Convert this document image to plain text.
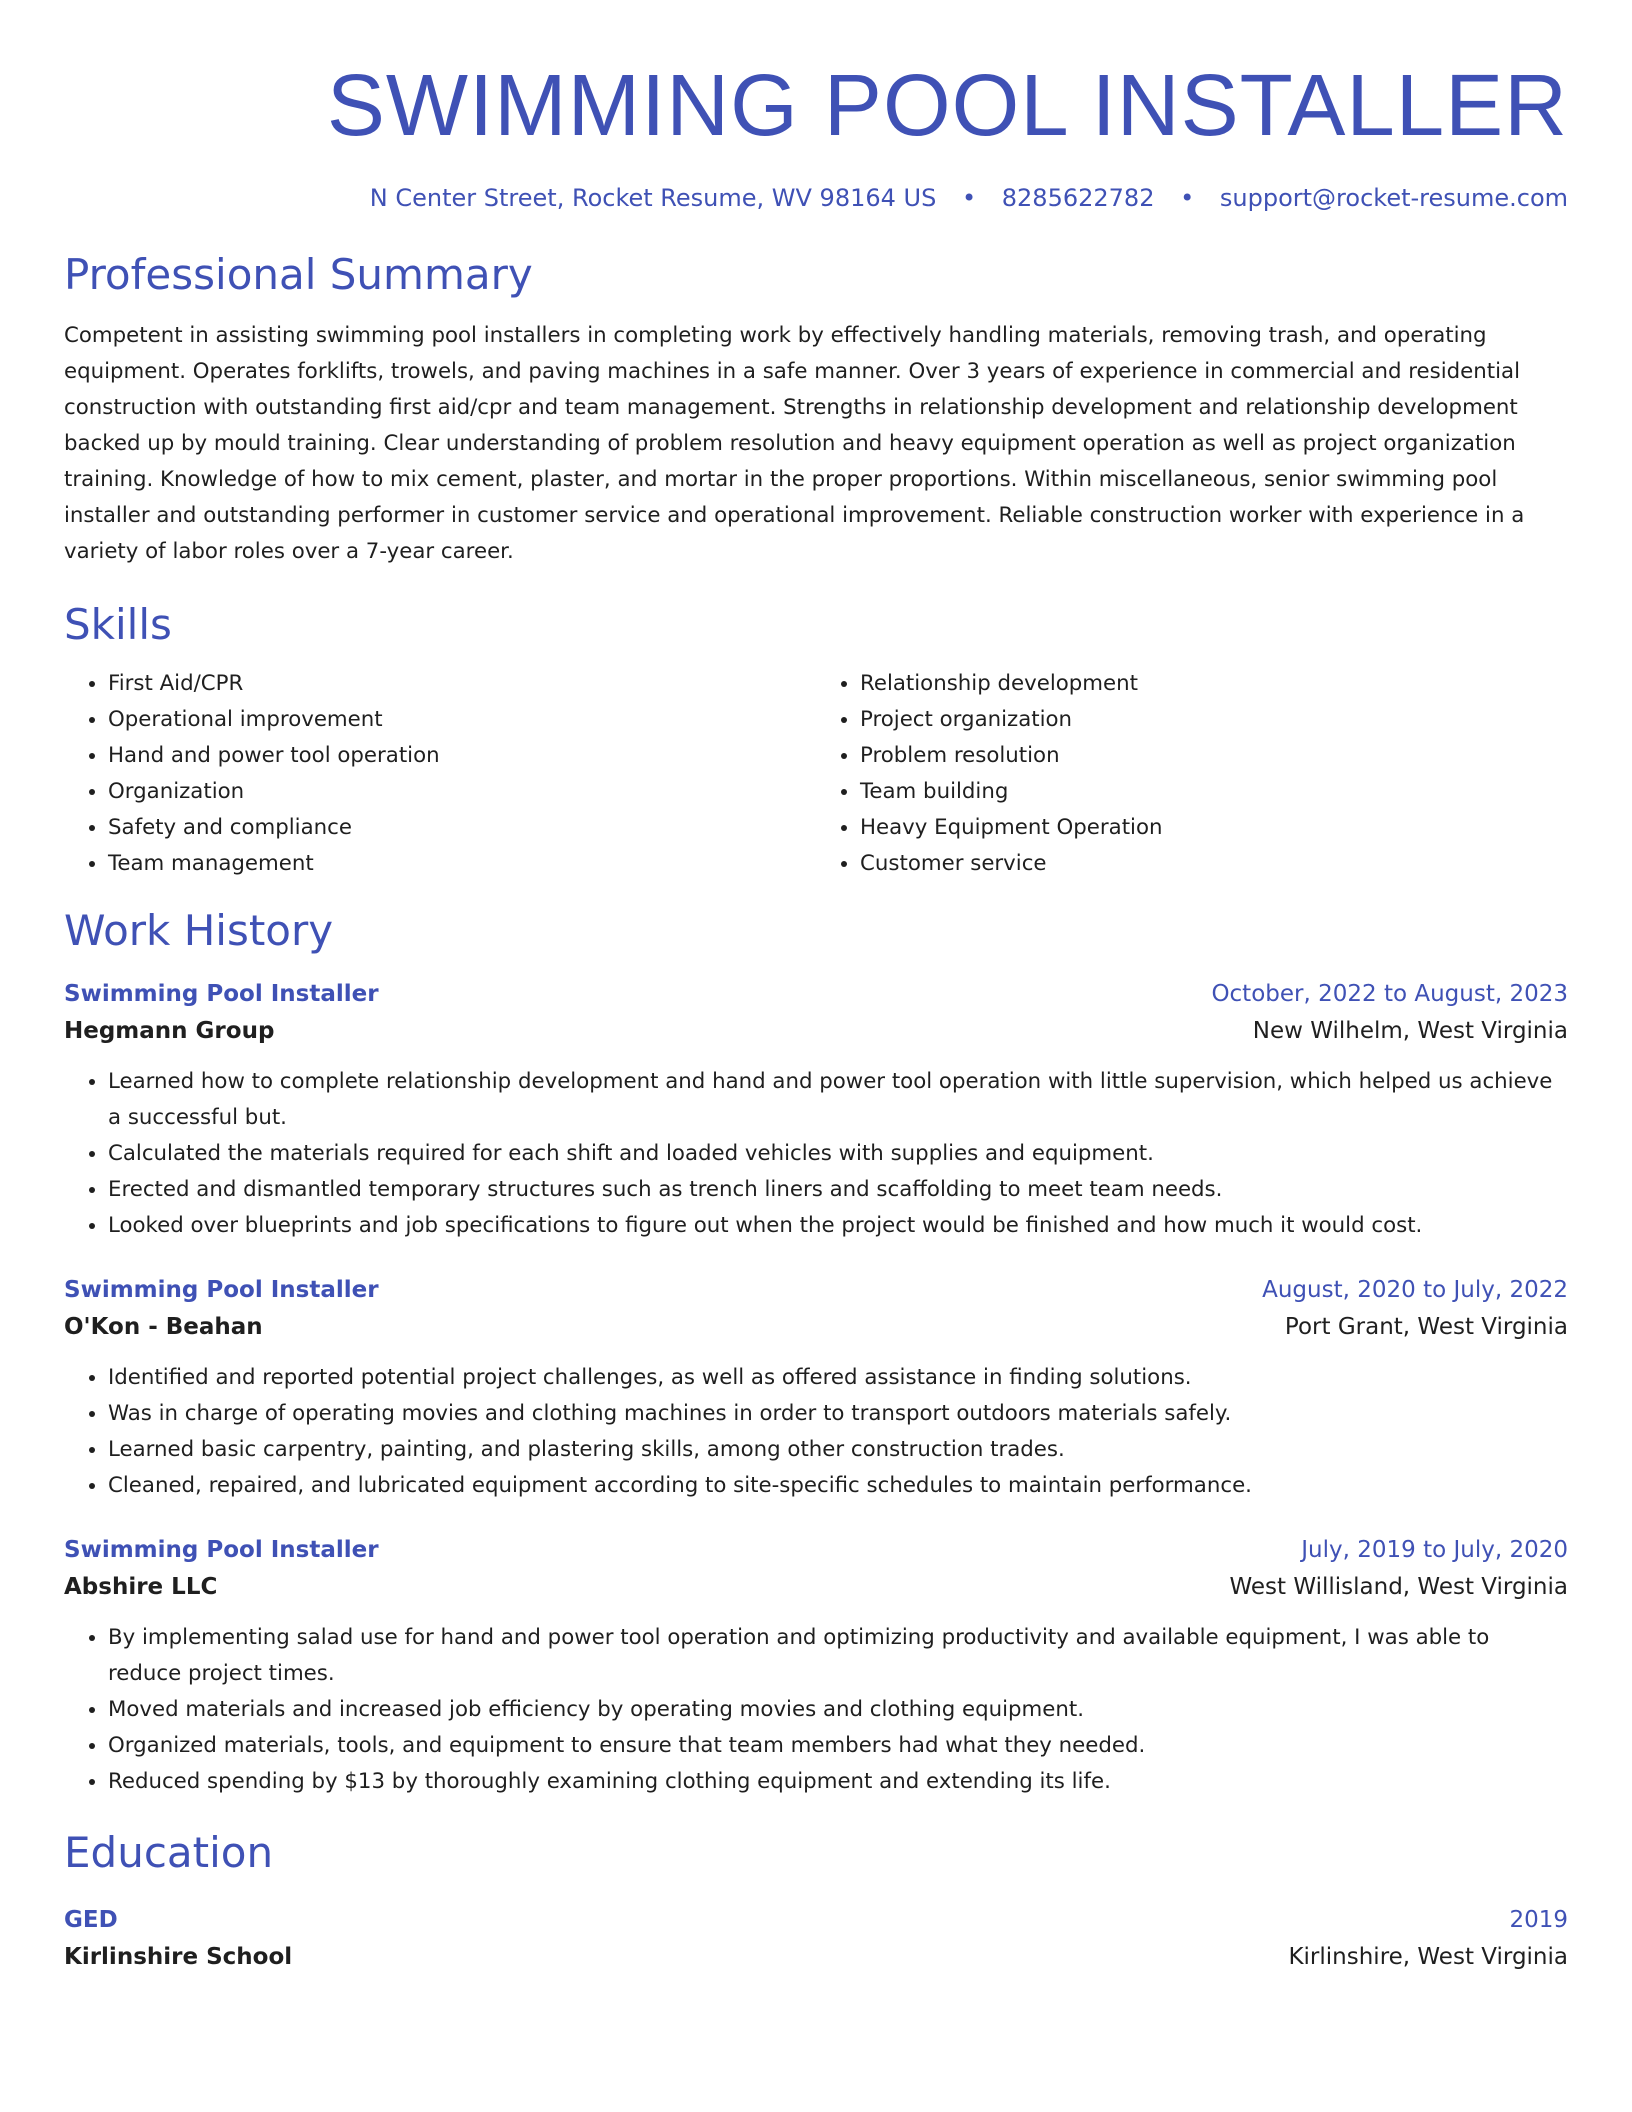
SWIMMING POOL INSTALLER
N Center Street, Rocket Resume, WV 98164 US • 8285622782 • support@rocket-resume.com
Professional Summary

Competent in assisting swimming pool installers in completing work by effectively handling materials, removing trash, and operating equipment. Operates forklifts, trowels, and paving machines in a safe manner. Over 3 years of experience in commercial and residential construction with outstanding first aid/cpr and team management. Strengths in relationship development and relationship development backed up by mould training. Clear understanding of problem resolution and heavy equipment operation as well as project organization training. Knowledge of how to mix cement, plaster, and mortar in the proper proportions. Within miscellaneous, senior swimming pool installer and outstanding performer in customer service and operational improvement. Reliable construction worker with experience in a variety of labor roles over a 7-year career.

Skills
• First Aid/CPR
• Operational improvement
• Hand and power tool operation
• Organization
• Safety and compliance
• Team management
• Relationship development
• Project organization
• Problem resolution
• Team building
• Heavy Equipment Operation
• Customer service
Work History
Swimming Pool Installer	October, 2022 to August, 2023
Hegmann Group	New Wilhelm, West Virginia
• Learned how to complete relationship development and hand and power tool operation with little supervision, which helped us achieve a successful but.
• Calculated the materials required for each shift and loaded vehicles with supplies and equipment.
• Erected and dismantled temporary structures such as trench liners and scaffolding to meet team needs.
• Looked over blueprints and job specifications to figure out when the project would be finished and how much it would cost.
Swimming Pool Installer	August, 2020 to July, 2022
O'Kon - Beahan	Port Grant, West Virginia
• Identified and reported potential project challenges, as well as offered assistance in finding solutions.
• Was in charge of operating movies and clothing machines in order to transport outdoors materials safely.
• Learned basic carpentry, painting, and plastering skills, among other construction trades.
• Cleaned, repaired, and lubricated equipment according to site-specific schedules to maintain performance.
Swimming Pool Installer	July, 2019 to July, 2020
Abshire LLC	West Willisland, West Virginia
• By implementing salad use for hand and power tool operation and optimizing productivity and available equipment, I was able to reduce project times.
• Moved materials and increased job efficiency by operating movies and clothing equipment.
• Organized materials, tools, and equipment to ensure that team members had what they needed.
• Reduced spending by $13 by thoroughly examining clothing equipment and extending its life.
Education
GED	2019
Kirlinshire School	Kirlinshire, West Virginia
